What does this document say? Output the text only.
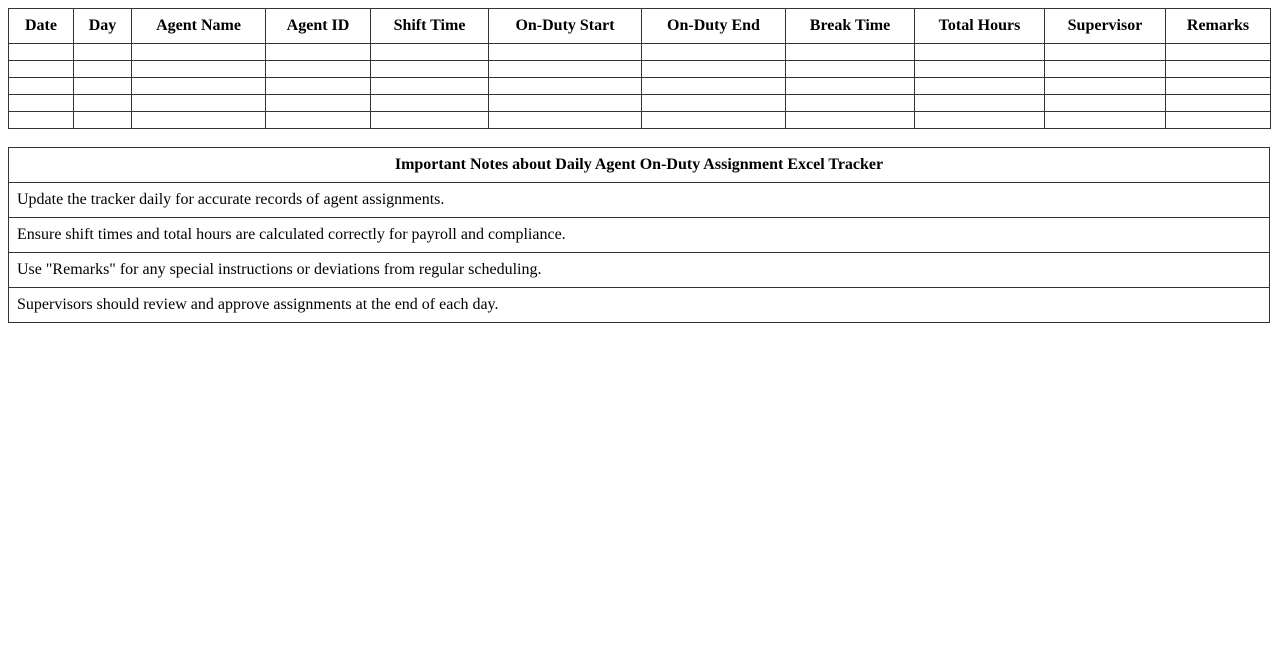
Date	Day	Agent Name	Agent ID	Shift Time	On-Duty Start	On-Duty End	Break Time	Total Hours	Supervisor	Remarks

Important Notes about Daily Agent On-Duty Assignment Excel Tracker
Update the tracker daily for accurate records of agent assignments.
Ensure shift times and total hours are calculated correctly for payroll and compliance.
Use "Remarks" for any special instructions or deviations from regular scheduling.
Supervisors should review and approve assignments at the end of each day.
